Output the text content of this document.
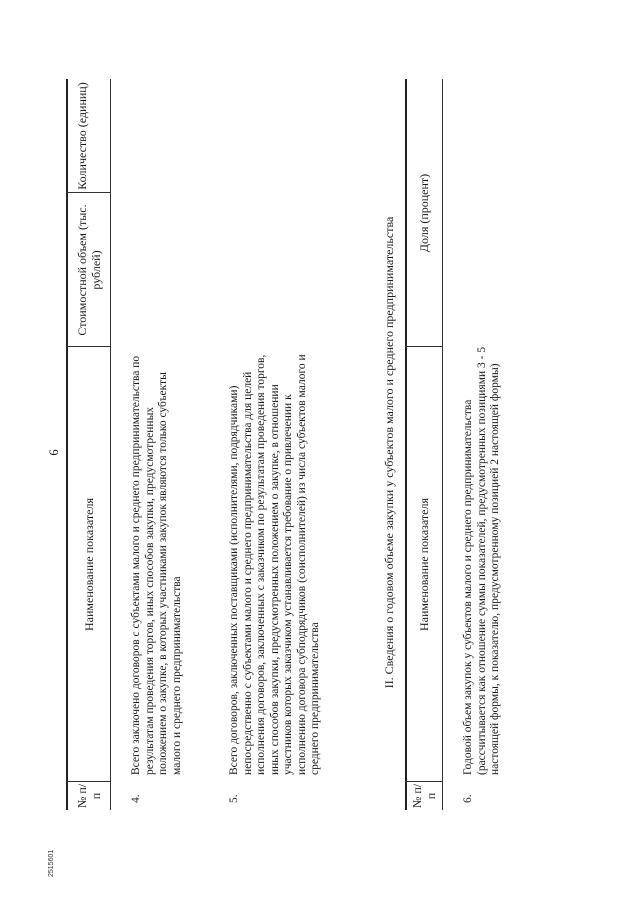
6
№ п/п
Наименование показателя
Стоимостной объем (тыс. рублей)
Количество (единиц)
4.
Всего заключено договоров с субъектами малого и среднего предпринимательства по результатам проведения торгов, иных способов закупки, предусмотренных положением о закупке, в которых участниками закупок являются только субъекты малого и среднего предпринимательства
5.
Всего договоров, заключенных поставщиками (исполнителями, подрядчиками) непосредственно с субъектами малого и среднего предпринимательства для целей исполнения договоров, заключенных с заказчиком по результатам проведения торгов, иных способов закупки, предусмотренных положением о закупке, в отношении участников которых заказчиком устанавливается требование о привлечении к исполнению договора субподрядчиков (соисполнителей) из числа субъектов малого и среднего предпринимательства
II. Сведения о годовом объеме закупки у субъектов малого и среднего предпринимательства
№ п/п
Наименование показателя
Доля (процент)
6.
Годовой объем закупок у субъектов малого и среднего предпринимательства (рассчитывается как отношение суммы показателей, предусмотренных позициями 3 - 5 настоящей формы, к показателю, предусмотренному позицией 2 настоящей формы)
2515601
